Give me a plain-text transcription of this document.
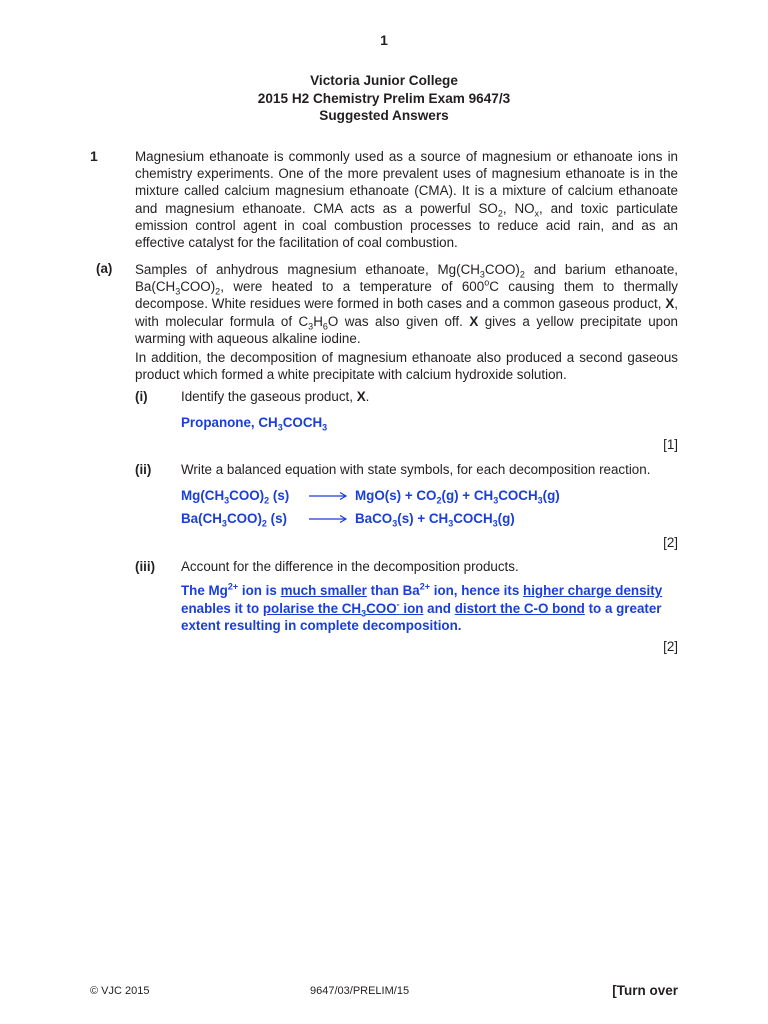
1
Victoria Junior College
2015 H2 Chemistry Prelim Exam 9647/3
Suggested Answers
1	Magnesium ethanoate is commonly used as a source of magnesium or ethanoate ions in chemistry experiments. One of the more prevalent uses of magnesium ethanoate is in the mixture called calcium magnesium ethanoate (CMA). It is a mixture of calcium ethanoate and magnesium ethanoate. CMA acts as a powerful $SO_2$, $NO_x$, and toxic particulate emission control agent in coal combustion processes to reduce acid rain, and as an effective catalyst for the facilitation of coal combustion.

(a) Samples of anhydrous magnesium ethanoate, $Mg(CH_3COO)_2$ and barium ethanoate, $Ba(CH_3COO)_2$, were heated to a temperature of 600$^o$C causing them to thermally decompose. White residues were formed in both cases and a common gaseous product, X, with molecular formula of $C_3H_6O$ was also given off. X gives a yellow precipitate upon warming with aqueous alkaline iodine.

In addition, the decomposition of magnesium ethanoate also produced a second gaseous product which formed a white precipitate with calcium hydroxide solution.

(i) Identify the gaseous product, X.
Propanone, $CH_3COCH_3$
[1]
(ii) Write a balanced equation with state symbols, for each decomposition reaction.
$Mg(CH_3COO)_2$ (s)	→ $MgO(s) + CO_2(g)$ + $CH_3COCH_3(g)$
$Ba(CH_3COO)_2$ (s)	→ BaCO$_3$(s) + $CH_3COCH_3(g)$
[2]
(iii) Account for the difference in the decomposition products.

The $Mg^{2+}$ ion is much smaller than $Ba^{2+}$ ion, hence its higher charge density enables it to polarise the $CH_3COO^-$ ion and distort the C-O bond to a greater extent resulting in complete decomposition.

[2]
© VJC 2015	9647/03/PRELIM/15	[Turn over
